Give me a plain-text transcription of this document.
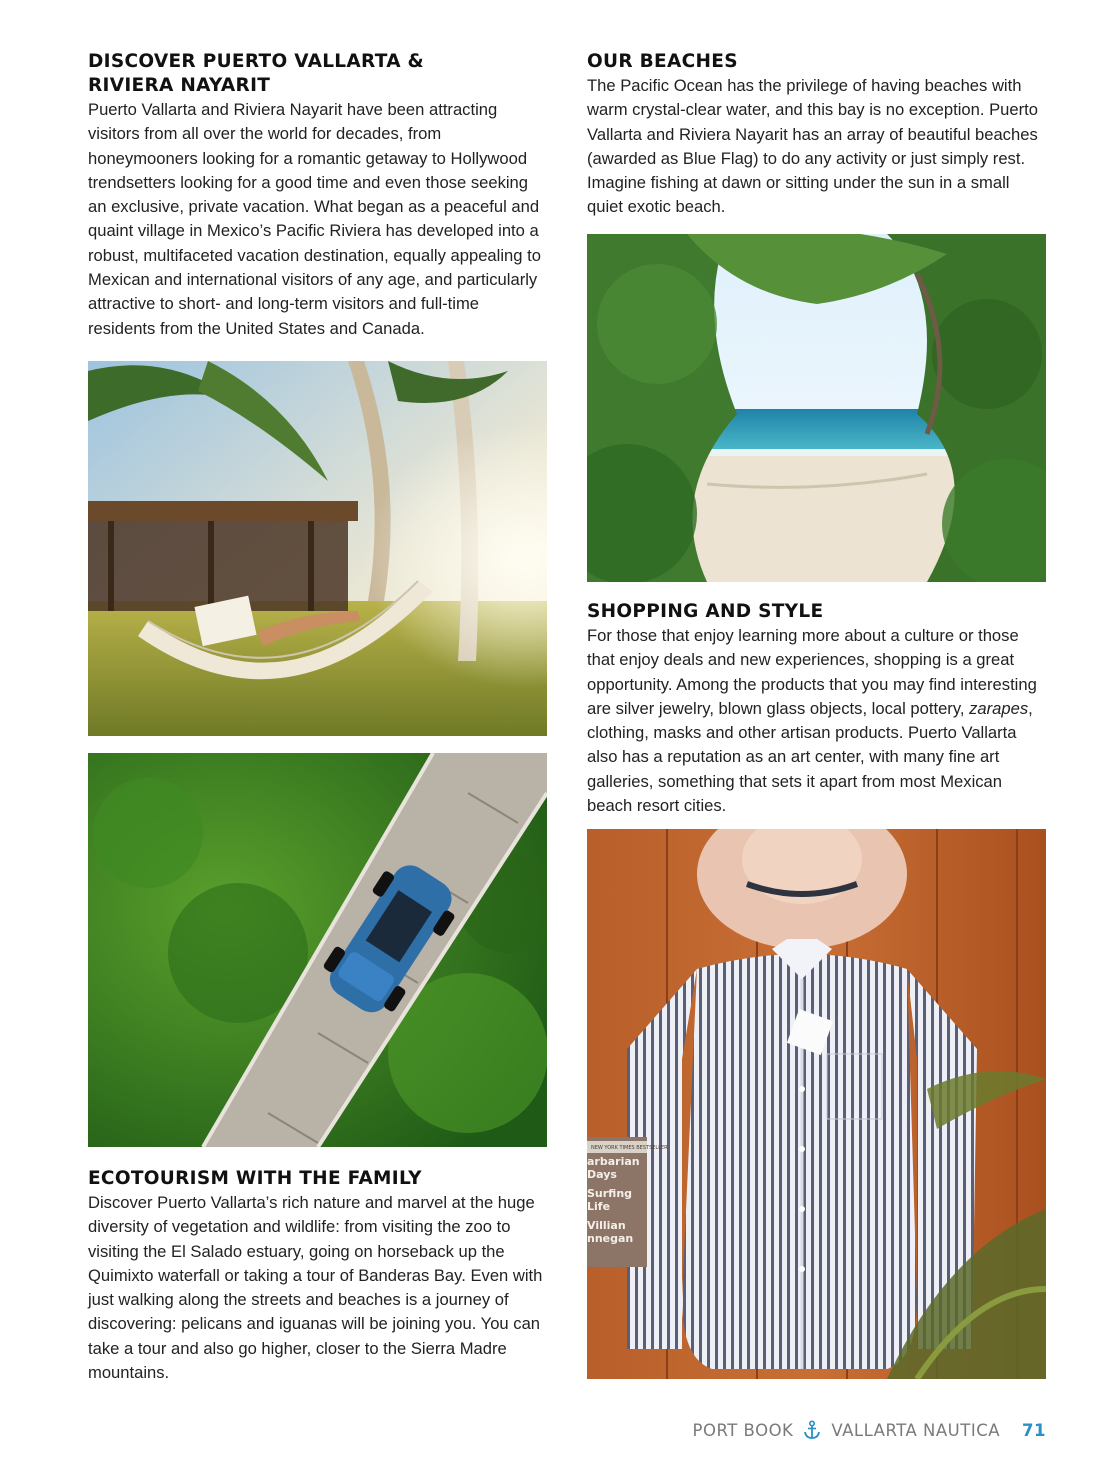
DISCOVER PUERTO VALLARTA & RIVIERA NAYARIT

Puerto Vallarta and Riviera Nayarit have been attracting visitors from all over the world for decades, from honeymooners looking for a romantic getaway to Hollywood trendsetters looking for a good time and even those seeking an exclusive, private vacation. What began as a peaceful and quaint village in Mexico’s Pacific Riviera has developed into a robust, multifaceted vacation destination, equally appealing to Mexican and international visitors of any age, and particularly attractive to short- and long-term visitors and full-time residents from the United States and Canada.

ECOTOURISM WITH THE FAMILY

Discover Puerto Vallarta’s rich nature and marvel at the huge diversity of vegetation and wildlife: from visiting the zoo to visiting the El Salado estuary, going on horseback up the Quimixto waterfall or taking a tour of Banderas Bay. Even with just walking along the streets and beaches is a journey of discovering: pelicans and iguanas will be joining you. You can take a tour and also go higher, closer to the Sierra Madre mountains.

OUR BEACHES

The Pacific Ocean has the privilege of having beaches with warm crystal-clear water, and this bay is no exception. Puerto Vallarta and Riviera Nayarit has an array of beautiful beaches (awarded as Blue Flag) to do any activity or just simply rest. Imagine fishing at dawn or sitting under the sun in a small quiet exotic beach.

SHOPPING AND STYLE

For those that enjoy learning more about a culture or those that enjoy deals and new experiences, shopping is a great opportunity. Among the products that you may find interesting are silver jewelry, blown glass objects, local pottery, zarapes, clothing, masks and other artisan products. Puerto Vallarta also has a reputation as an art center, with many fine art galleries, something that sets it apart from most Mexican beach resort cities.

NEW YORK TIMES BESTSELLER
arbarian
Days
Surfing
Life
Villian
nnegan
PORT BOOK VALLARTA NAUTICA 71
